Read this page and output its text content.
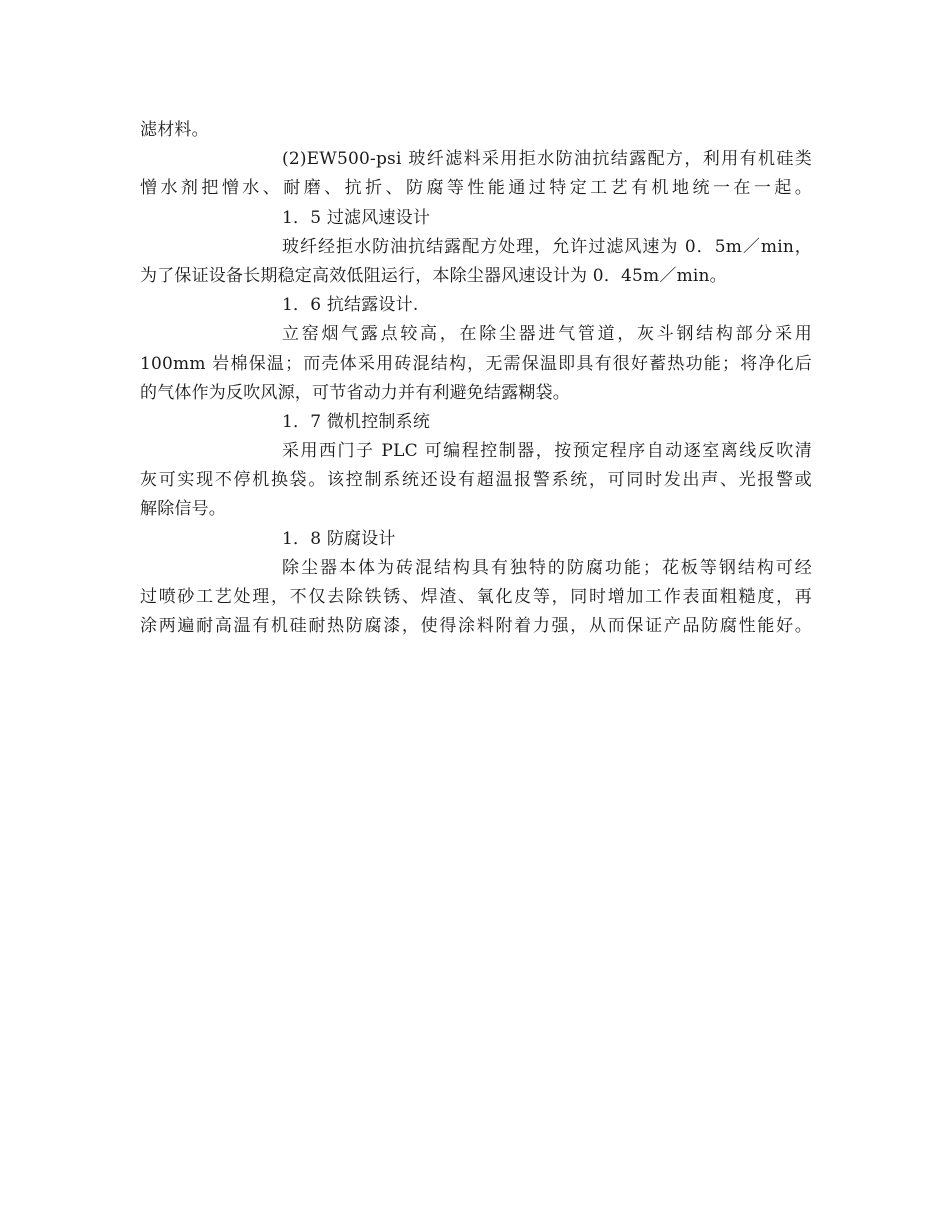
滤材料。
(2)EW500-psi 玻纤滤料采用拒水防油抗结露配方，利用有机硅类
憎水剂把憎水、耐磨、抗折、防腐等性能通过特定工艺有机地统一在一起。
1．5 过滤风速设计
玻纤经拒水防油抗结露配方处理，允许过滤风速为 0．5m／min，
为了保证设备长期稳定高效低阻运行，本除尘器风速设计为 0．45m／min。
1．6 抗结露设计.
立窑烟气露点较高，在除尘器进气管道，灰斗钢结构部分采用
100mm 岩棉保温；而壳体采用砖混结构，无需保温即具有很好蓄热功能；将净化后
的气体作为反吹风源，可节省动力并有利避免结露糊袋。
1．7 微机控制系统
采用西门子 PLC 可编程控制器，按预定程序自动逐室离线反吹清
灰可实现不停机换袋。该控制系统还设有超温报警系统，可同时发出声、光报警或
解除信号。
1．8 防腐设计
除尘器本体为砖混结构具有独特的防腐功能；花板等钢结构可经
过喷砂工艺处理，不仅去除铁锈、焊渣、氧化皮等，同时增加工作表面粗糙度，再
涂两遍耐高温有机硅耐热防腐漆，使得涂料附着力强，从而保证产品防腐性能好。
